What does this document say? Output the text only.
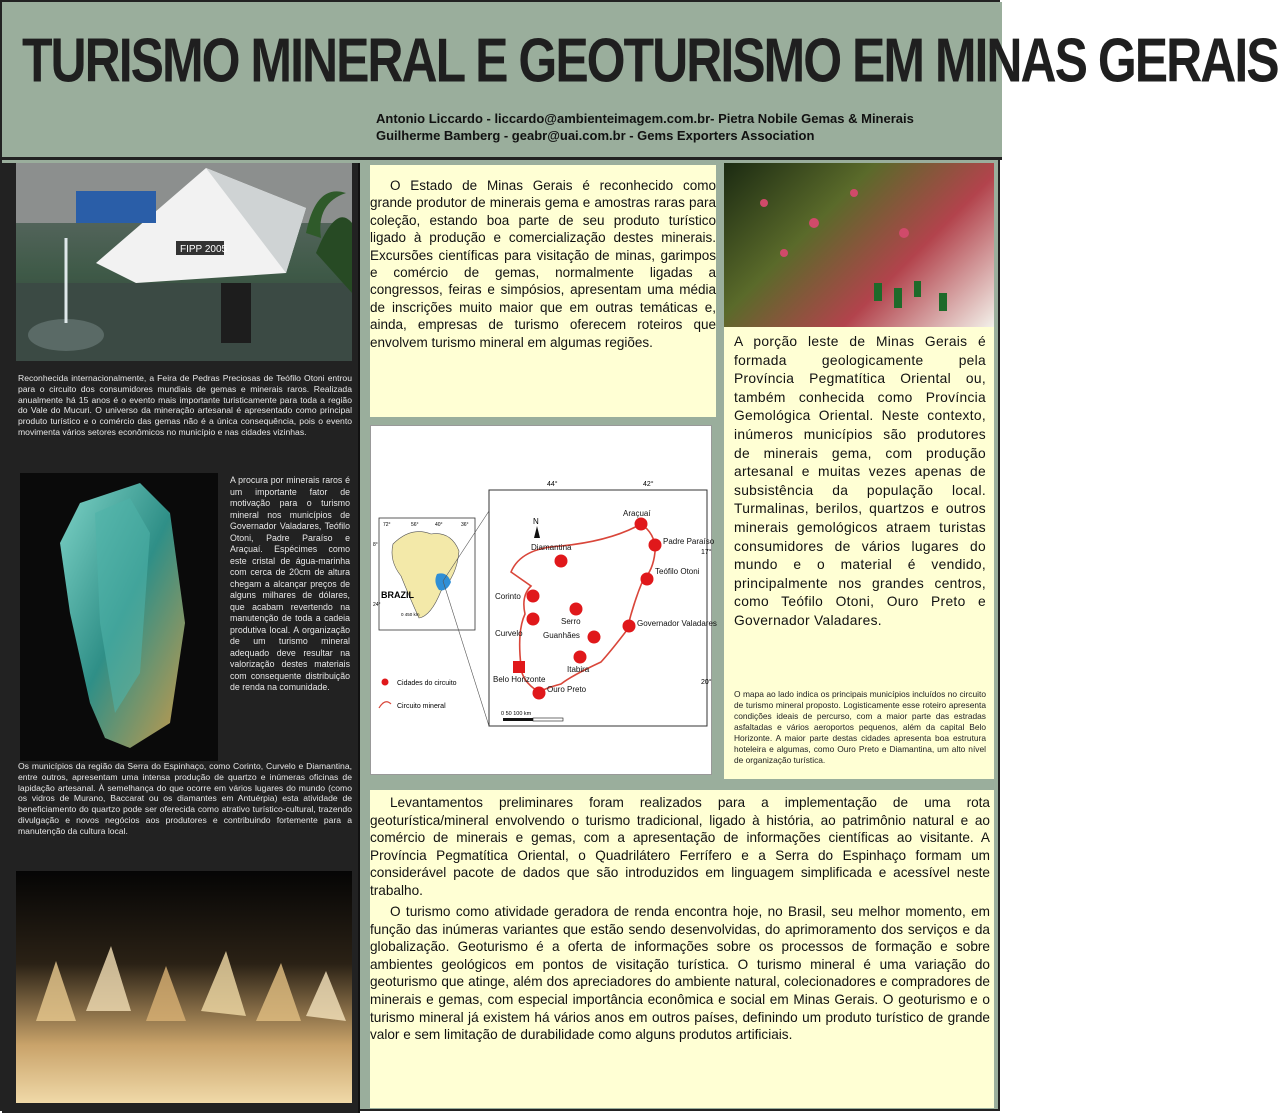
TURISMO MINERAL E GEOTURISMO EM MINAS GERAIS
Antonio Liccardo - liccardo@ambienteimagem.com.br- Pietra Nobile Gemas & Minerais
Guilherme Bamberg - geabr@uai.com.br - Gems Exporters Association
FIPP 2005
Reconhecida internacionalmente, a Feira de Pedras Preciosas de Teófilo Otoni entrou para o circuito dos consumidores mundiais de gemas e minerais raros. Realizada anualmente há 15 anos é o evento mais importante turisticamente para toda a região do Vale do Mucuri. O universo da mineração artesanal é apresentado como principal produto turístico e o comércio das gemas não é a única consequência, pois o evento movimenta vários setores econômicos no município e nas cidades vizinhas.
A procura por minerais raros é um importante fator de motivação para o turismo mineral nos municípios de Governador Valadares, Teófilo Otoni, Padre Paraíso e Araçuaí. Espécimes como este cristal de água-marinha com cerca de 20cm de altura chegam a alcançar preços de alguns milhares de dólares, que acabam revertendo na manutenção de toda a cadeia produtiva local. A organização de um turismo mineral adequado deve resultar na valorização destes materiais com consequente distribuição de renda na comunidade.
Os municípios da região da Serra do Espinhaço, como Corinto, Curvelo e Diamantina, entre outros, apresentam uma intensa produção de quartzo e inúmeras oficinas de lapidação artesanal. À semelhança do que ocorre em vários lugares do mundo (como os vidros de Murano, Baccarat ou os diamantes em Antuérpia) esta atividade de beneficiamento do quartzo pode ser oferecida como atrativo turístico-cultural, trazendo divulgação e novos negócios aos produtores e contribuindo fortemente para a manutenção da cultura local.
O Estado de Minas Gerais é reconhecido como grande produtor de minerais gema e amostras raras para coleção, estando boa parte de seu produto turístico ligado à produção e comercialização destes minerais. Excursões científicas para visitação de minas, garimpos e comércio de gemas, normalmente ligadas a congressos, feiras e simpósios, apresentam uma média de inscrições muito maior que em outras temáticas e, ainda, empresas de turismo oferecem roteiros que envolvem turismo mineral em algumas regiões.	A porção leste de Minas Gerais é formada geologicamente pela Província Pegmatítica Oriental ou, também conhecida como Província Gemológica Oriental. Neste contexto, inúmeros municípios são produtores de minerais gema, com produção artesanal e muitas vezes apenas de subsistência da população local. Turmalinas, berilos, quartzos e outros minerais gemológicos atraem turistas consumidores de vários lugares do mundo e o material é vendido, principalmente nos grandes centros, como Teófilo Otoni, Ouro Preto e Governador Valadares.
O mapa ao lado indica os principais municípios incluídos no circuito de turismo mineral proposto. Logisticamente esse roteiro apresenta condições ideais de percurso, com a maior parte das estradas asfaltadas e vários aeroportos pequenos, além da capital Belo Horizonte. A maior parte destas cidades apresenta boa estrutura hoteleira e algumas, como Ouro Preto e Diamantina, um alto nível de organização turística.
BRAZIL
72°	56°	40°	36°
8°
24°
0 450 km
44°	42°
17°
20°
N
Araçuaí
Padre Paraíso
Teófilo Otoni
Diamantina
Corinto
Serro
Curvelo	Guanhães
Governador Valadares
Itabira
Belo Horizonte
Ouro Preto
Cidades do circuito
Circuito mineral
0 50 100 km
Levantamentos preliminares foram realizados para a implementação de uma rota geoturística/mineral envolvendo o turismo tradicional, ligado à história, ao patrimônio natural e ao comércio de minerais e gemas, com a apresentação de informações científicas ao visitante. A Província Pegmatítica Oriental, o Quadrilátero Ferrífero e a Serra do Espinhaço formam um considerável pacote de dados que são introduzidos em linguagem simplificada e acessível neste trabalho.
O turismo como atividade geradora de renda encontra hoje, no Brasil, seu melhor momento, em função das inúmeras variantes que estão sendo desenvolvidas, do aprimoramento dos serviços e da globalização. Geoturismo é a oferta de informações sobre os processos de formação e sobre ambientes geológicos em pontos de visitação turística. O turismo mineral é uma variação do geoturismo que atinge, além dos apreciadores do ambiente natural, colecionadores e compradores de minerais e gemas, com especial importância econômica e social em Minas Gerais. O geoturismo e o turismo mineral já existem há vários anos em outros países, definindo um produto turístico de grande valor e sem limitação de durabilidade como alguns produtos artificiais.
